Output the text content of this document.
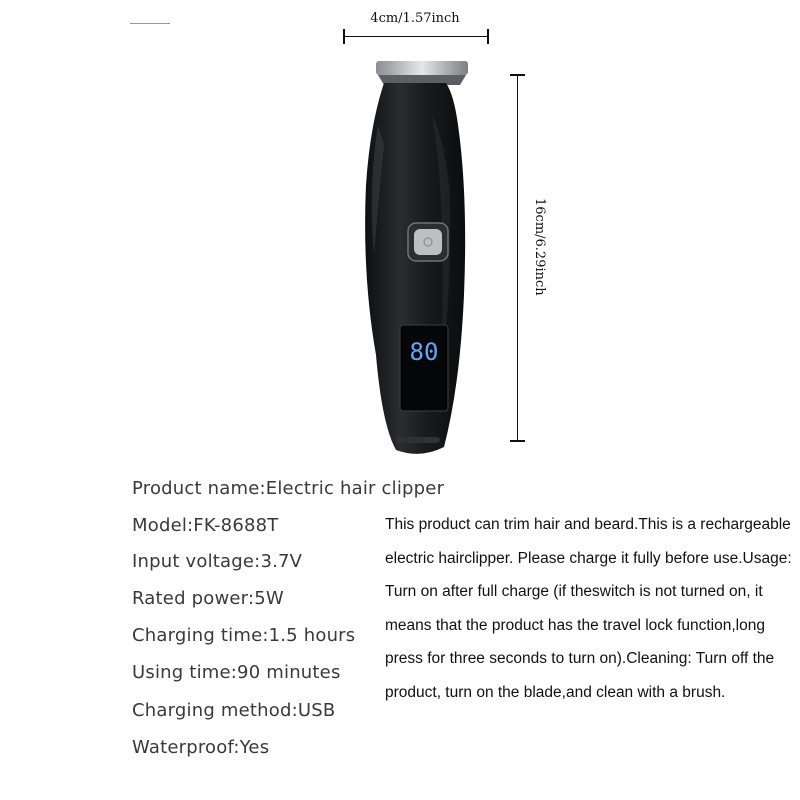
4cm/1.57inch
16cm/6.29inch
80
Product name:Electric hair clipper
Model:FK-8688T
Input voltage:3.7V
Rated power:5W
Charging time:1.5 hours
Using time:90 minutes
Charging method:USB
Waterproof:Yes
This product can trim hair and beard.This is a rechargeable electric hairclipper. Please charge it fully before use.Usage: Turn on after full charge (if theswitch is not turned on, it means that the product has the travel lock function,long press for three seconds to turn on).Cleaning: Turn off the product, turn on the blade,and clean with a brush.
